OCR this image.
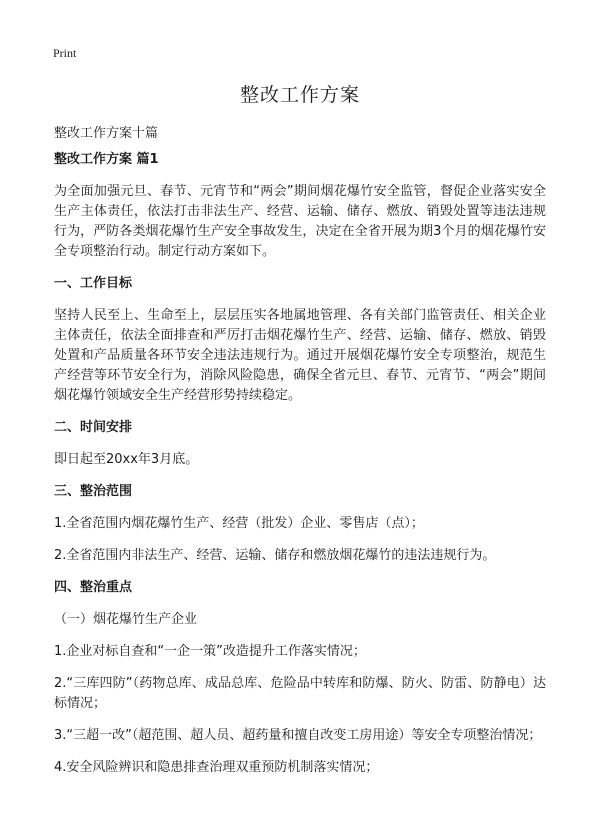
Print
整改工作方案
整改工作方案十篇
整改工作方案 篇1

为全面加强元旦、春节、元宵节和“两会”期间烟花爆竹安全监管，督促企业落实安全生产主体责任，依法打击非法生产、经营、运输、储存、燃放、销毁处置等违法违规行为，严防各类烟花爆竹生产安全事故发生，决定在全省开展为期3个月的烟花爆竹安全专项整治行动。制定行动方案如下。

一、工作目标

坚持人民至上、生命至上，层层压实各地属地管理、各有关部门监管责任、相关企业主体责任，依法全面排查和严厉打击烟花爆竹生产、经营、运输、储存、燃放、销毁处置和产品质量各环节安全违法违规行为。通过开展烟花爆竹安全专项整治，规范生产经营等环节安全行为，消除风险隐患，确保全省元旦、春节、元宵节、“两会”期间烟花爆竹领域安全生产经营形势持续稳定。

二、时间安排

即日起至20xx年3月底。

三、整治范围

1.全省范围内烟花爆竹生产、经营（批发）企业、零售店（点）；

2.全省范围内非法生产、经营、运输、储存和燃放烟花爆竹的违法违规行为。

四、整治重点

（一）烟花爆竹生产企业

1.企业对标自查和“一企一策”改造提升工作落实情况；

2.“三库四防”（药物总库、成品总库、危险品中转库和防爆、防火、防雷、防静电）达标情况；

3.“三超一改”（超范围、超人员、超药量和擅自改变工房用途）等安全专项整治情况；

4.安全风险辨识和隐患排查治理双重预防机制落实情况；
